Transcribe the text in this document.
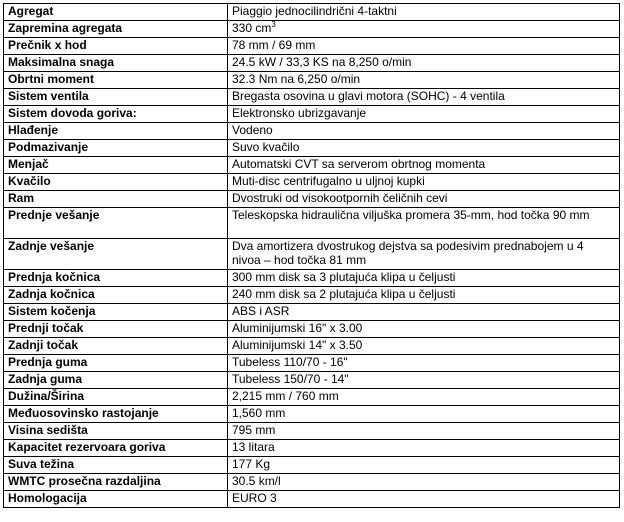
Agregat	Piaggio jednocilindrični 4-taktni
Zapremina agregata	330 $cm^3$
Prečnik x hod	78 mm / 69 mm
Maksimalna snaga	24.5 kW / 33,3 KS na 8,250 o/min
Obrtni moment	32.3 Nm na 6,250 o/min
Sistem ventila	Bregasta osovina u glavi motora (SOHC) - 4 ventila
Sistem dovoda goriva:	Elektronsko ubrizgavanje
Hlađenje	Vodeno
Podmazivanje	Suvo kvačilo
Menjač	Automatski CVT sa serverom obrtnog momenta
Kvačilo	Muti-disc centrifugalno u uljnoj kupki
Ram	Dvostruki od visokootpornih čeličnih cevi
Prednje vešanje	Teleskopska hidraulična viljuška promera 35-mm, hod točka 90 mm
Zadnje vešanje	Dva amortizera dvostrukog dejstva sa podesivim prednabojem u 4 nivoa – hod točka 81 mm
Prednja kočnica	300 mm disk sa 3 plutajuća klipa u čeljusti
Zadnja kočnica	240 mm disk sa 2 plutajuća klipa u čeljusti
Sistem kočenja	ABS i ASR
Prednji točak	Aluminijumski 16" x 3.00
Zadnji točak	Aluminijumski 14" x 3.50
Prednja guma	Tubeless 110/70 - 16"
Zadnja guma	Tubeless 150/70 - 14"
Dužina/Širina	2,215 mm / 760 mm
Međuosovinsko rastojanje	1,560 mm
Visina sedišta	795 mm
Kapacitet rezervoara goriva	13 litara
Suva težina	177 Kg
WMTC prosečna razdaljina	30.5 km/l
Homologacija	EURO 3
